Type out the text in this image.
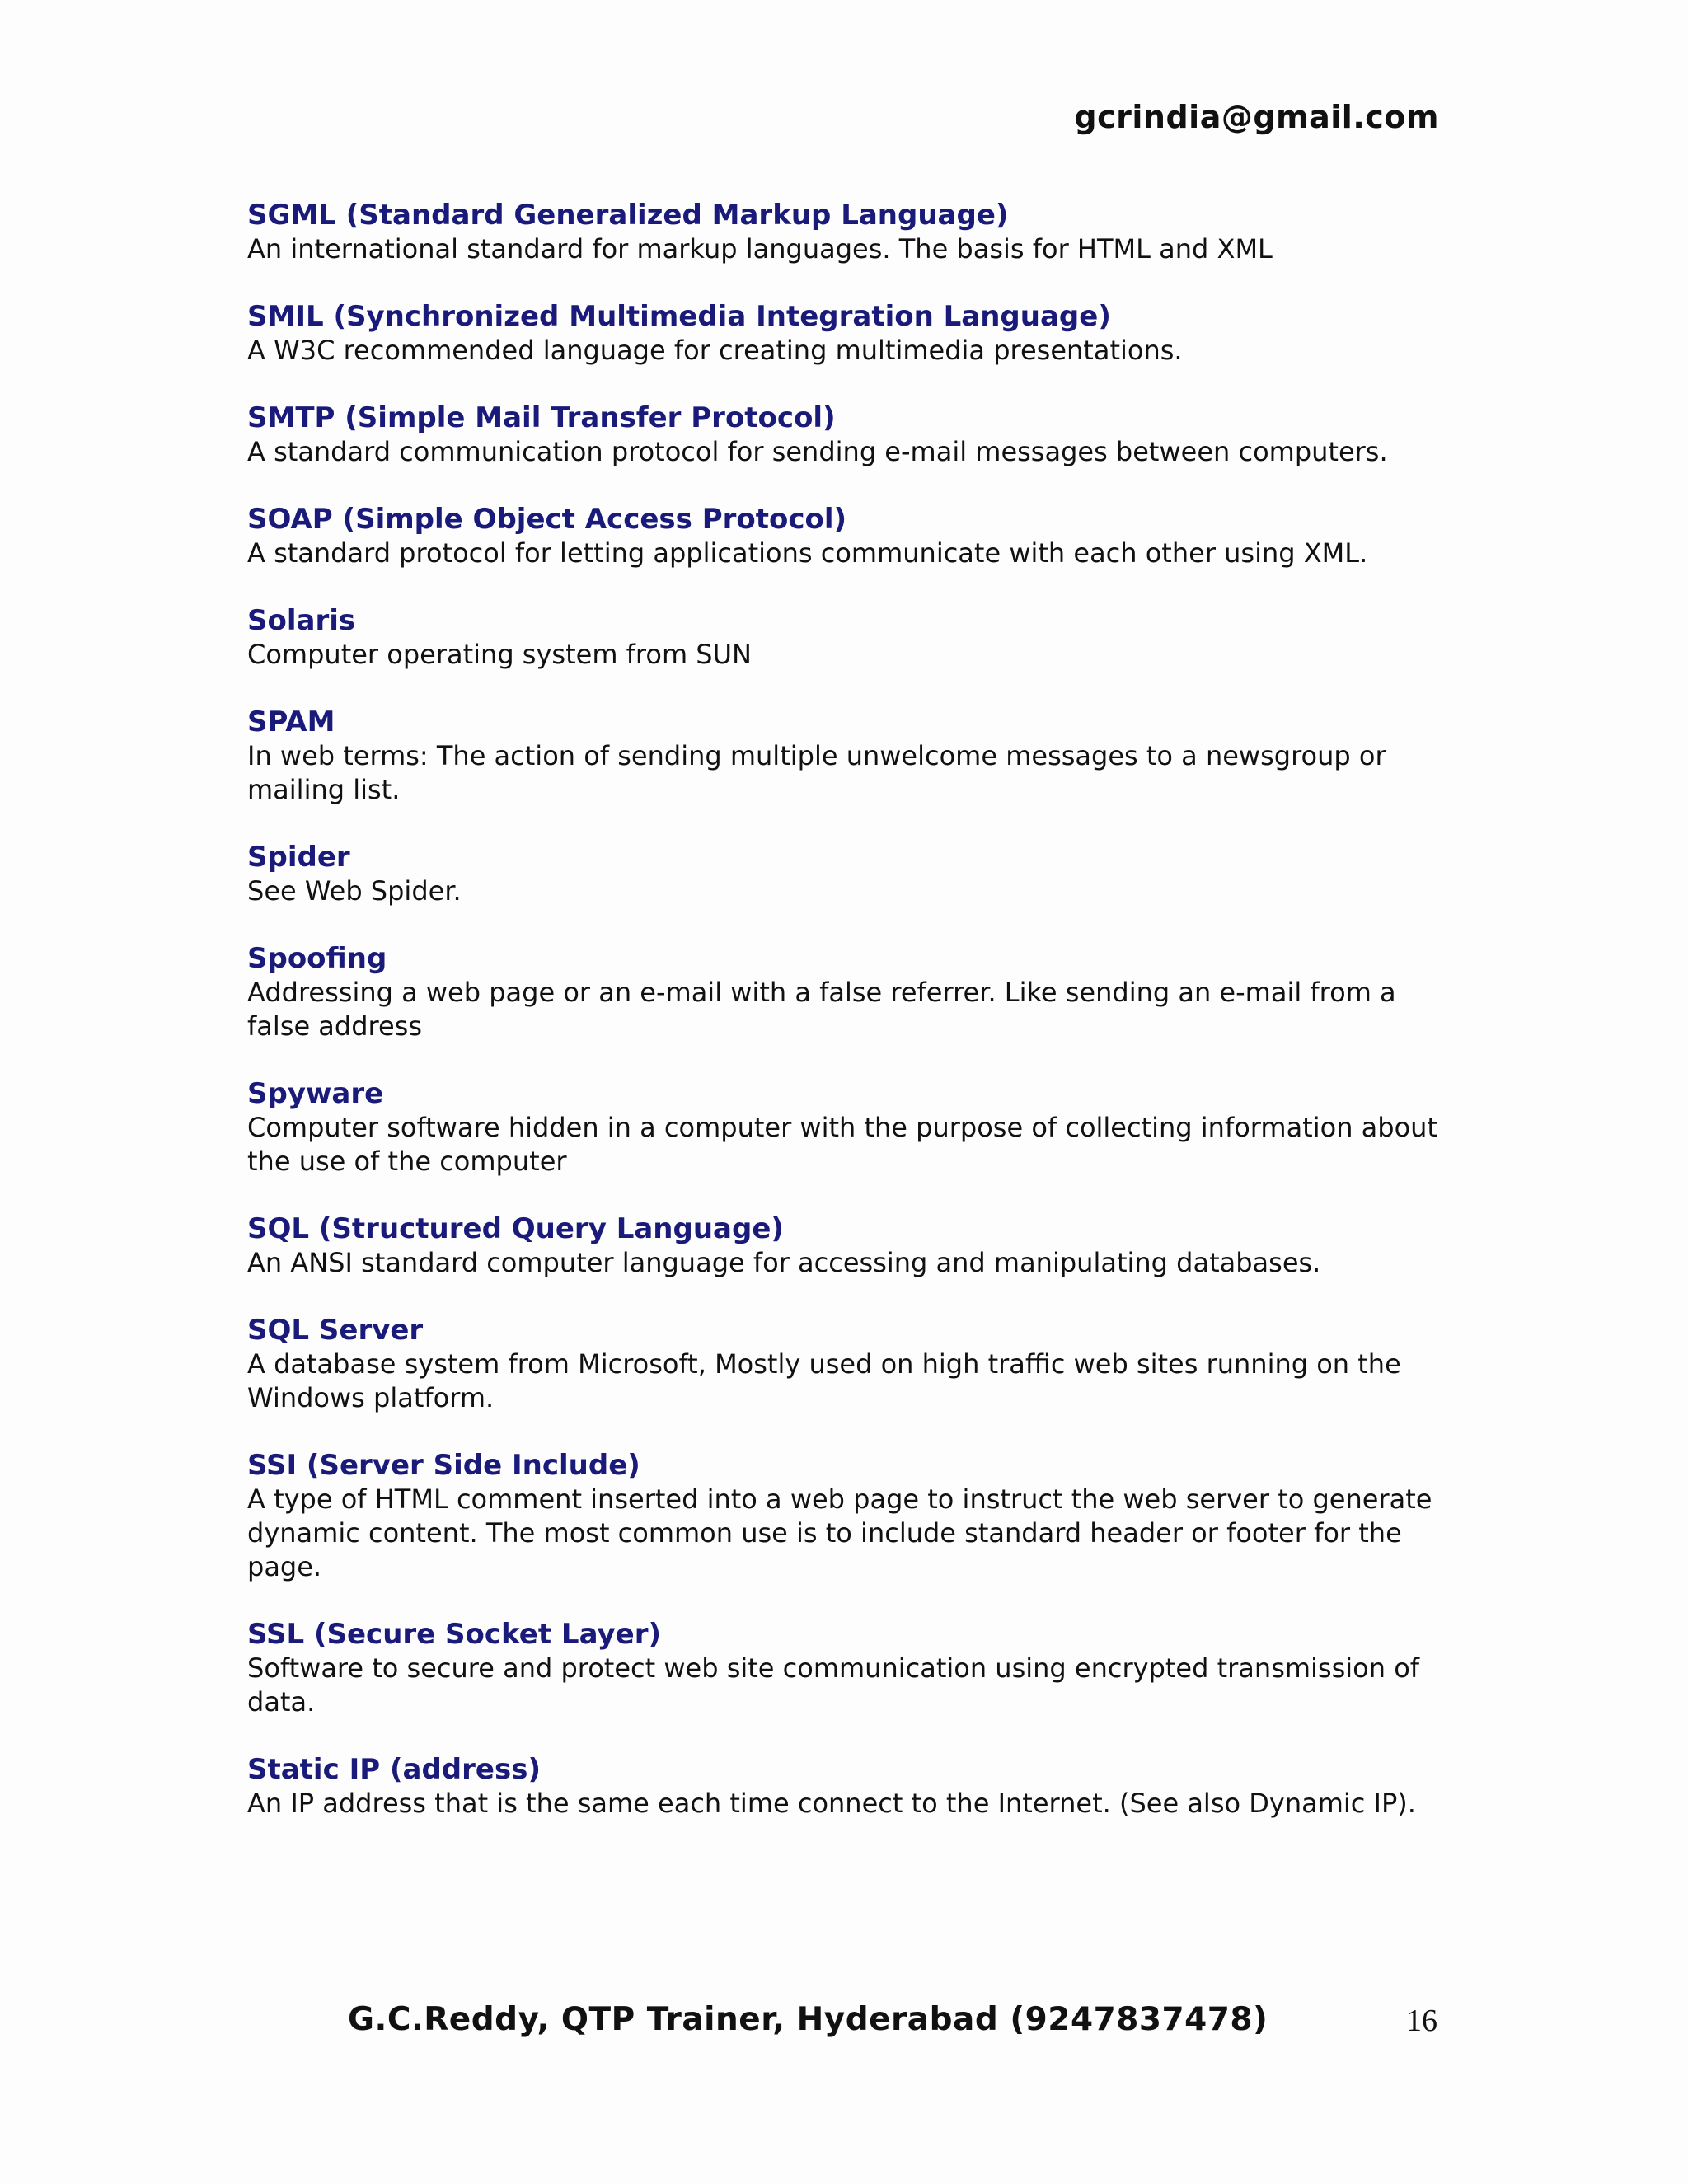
gcrindia@gmail.com
SGML (Standard Generalized Markup Language)
An international standard for markup languages. The basis for HTML and XML
SMIL (Synchronized Multimedia Integration Language)
A W3C recommended language for creating multimedia presentations.
SMTP (Simple Mail Transfer Protocol)
A standard communication protocol for sending e-mail messages between computers.
SOAP (Simple Object Access Protocol)
A standard protocol for letting applications communicate with each other using XML.
Solaris
Computer operating system from SUN
SPAM
In web terms: The action of sending multiple unwelcome messages to a newsgroup or mailing list.
Spider
See Web Spider.
Spoofing
Addressing a web page or an e-mail with a false referrer. Like sending an e-mail from a false address
Spyware
Computer software hidden in a computer with the purpose of collecting information about the use of the computer
SQL (Structured Query Language)
An ANSI standard computer language for accessing and manipulating databases.
SQL Server
A database system from Microsoft, Mostly used on high traffic web sites running on the Windows platform.
SSI (Server Side Include)
A type of HTML comment inserted into a web page to instruct the web server to generate dynamic content. The most common use is to include standard header or footer for the page.
SSL (Secure Socket Layer)
Software to secure and protect web site communication using encrypted transmission of data.
Static IP (address)
An IP address that is the same each time connect to the Internet. (See also Dynamic IP).
G.C.Reddy, QTP Trainer, Hyderabad (9247837478)	16
